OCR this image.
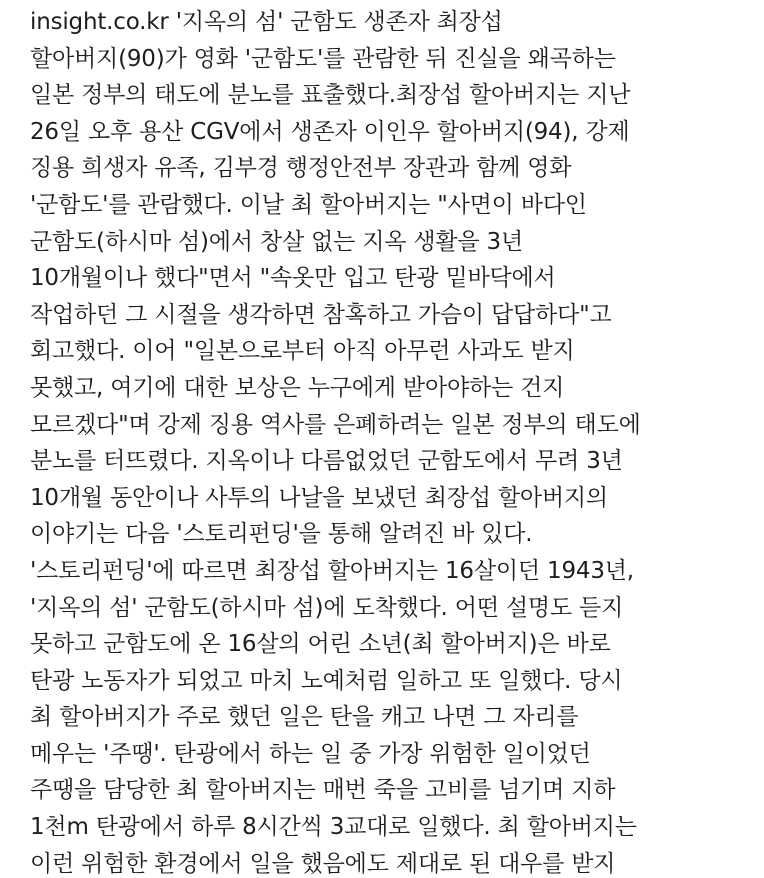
insight.co.kr '지옥의 섬' 군함도 생존자 최장섭

할아버지(90)가 영화 '군함도'를 관람한 뒤 진실을 왜곡하는

일본 정부의 태도에 분노를 표출했다.최장섭 할아버지는 지난

26일 오후 용산 CGV에서 생존자 이인우 할아버지(94), 강제

징용 희생자 유족, 김부경 행정안전부 장관과 함께 영화

'군함도'를 관람했다. 이날 최 할아버지는 "사면이 바다인

군함도(하시마 섬)에서 창살 없는 지옥 생활을 3년

10개월이나 했다"면서 "속옷만 입고 탄광 밑바닥에서

작업하던 그 시절을 생각하면 참혹하고 가슴이 답답하다"고

회고했다. 이어 "일본으로부터 아직 아무런 사과도 받지

못했고, 여기에 대한 보상은 누구에게 받아야하는 건지

모르겠다"며 강제 징용 역사를 은폐하려는 일본 정부의 태도에

분노를 터뜨렸다. 지옥이나 다름없었던 군함도에서 무려 3년

10개월 동안이나 사투의 나날을 보냈던 최장섭 할아버지의

이야기는 다음 '스토리펀딩'을 통해 알려진 바 있다.

'스토리펀딩'에 따르면 최장섭 할아버지는 16살이던 1943년,

'지옥의 섬' 군함도(하시마 섬)에 도착했다. 어떤 설명도 듣지

못하고 군함도에 온 16살의 어린 소년(최 할아버지)은 바로

탄광 노동자가 되었고 마치 노예처럼 일하고 또 일했다. 당시

최 할아버지가 주로 했던 일은 탄을 캐고 나면 그 자리를

메우는 '주땡'. 탄광에서 하는 일 중 가장 위험한 일이었던

주땡을 담당한 최 할아버지는 매번 죽을 고비를 넘기며 지하

1천m 탄광에서 하루 8시간씩 3교대로 일했다. 최 할아버지는

이런 위험한 환경에서 일을 했음에도 제대로 된 대우를 받지
